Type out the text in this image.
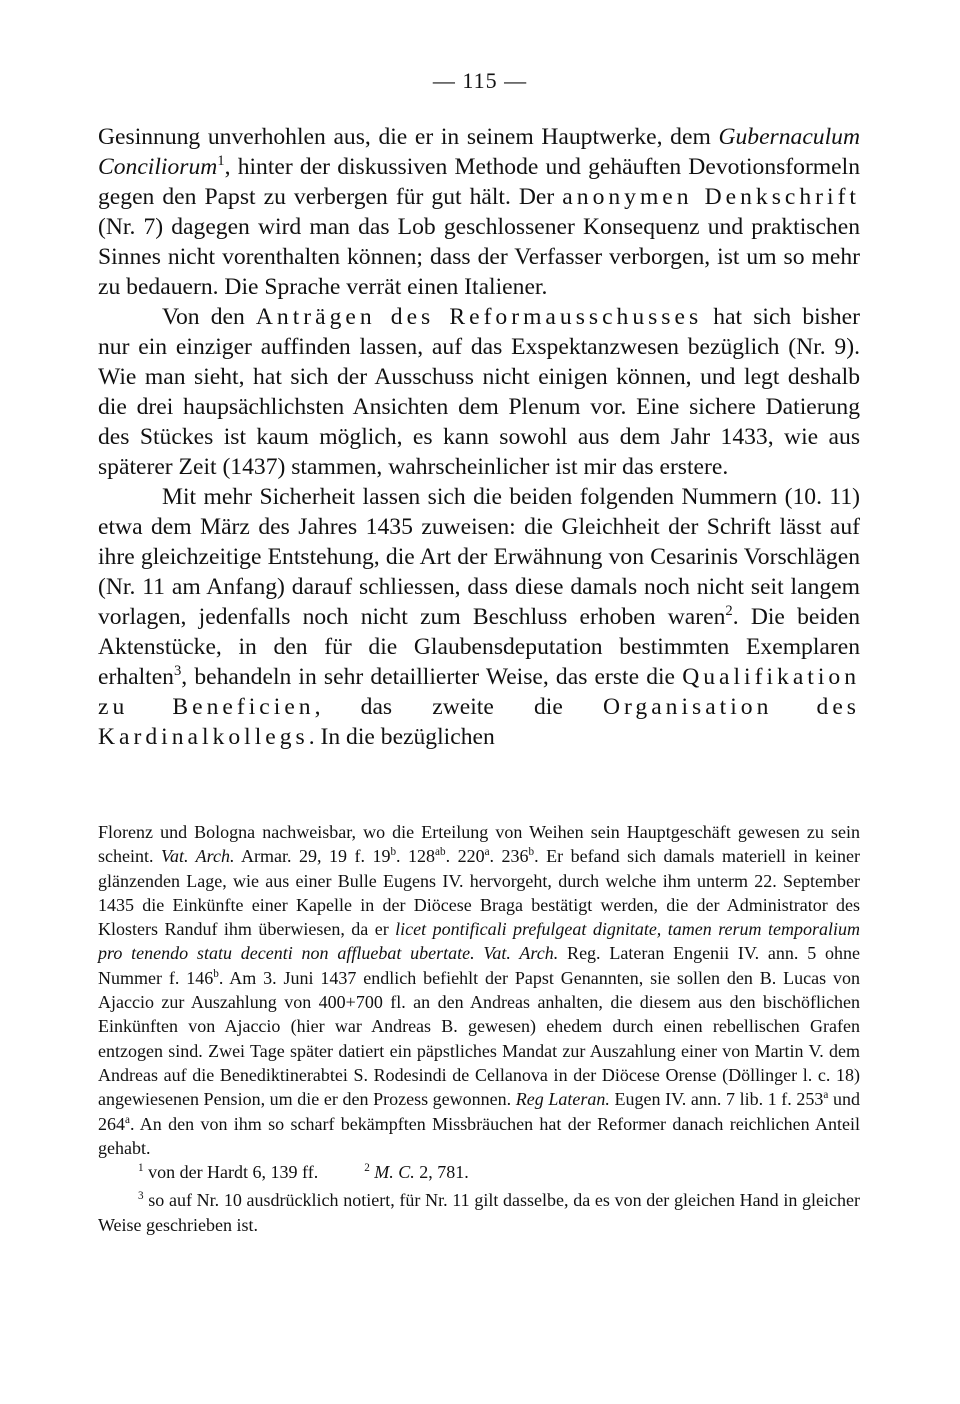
— 115 —

Gesinnung unverhohlen aus, die er in seinem Hauptwerke, dem Gubernaculum Conciliorum$^1$, hinter der diskussiven Methode und gehäuften Devotionsformeln gegen den Papst zu verbergen für gut hält. Der anonymen Denkschrift (Nr. 7) dagegen wird man das Lob geschlossener Konsequenz und praktischen Sinnes nicht vorenthalten können; dass der Verfasser verborgen, ist um so mehr zu bedauern. Die Sprache verrät einen Italiener.

Von den Anträgen des Reformausschusses hat sich bisher nur ein einziger auffinden lassen, auf das Exspektanzwesen bezüglich (Nr. 9). Wie man sieht, hat sich der Ausschuss nicht einigen können, und legt deshalb die drei haupsächlichsten Ansichten dem Plenum vor. Eine sichere Datierung des Stückes ist kaum möglich, es kann sowohl aus dem Jahr 1433, wie aus späterer Zeit (1437) stammen, wahrscheinlicher ist mir das erstere.

Mit mehr Sicherheit lassen sich die beiden folgenden Nummern (10. 11) etwa dem März des Jahres 1435 zuweisen: die Gleichheit der Schrift lässt auf ihre gleichzeitige Entstehung, die Art der Erwähnung von Cesarinis Vorschlägen (Nr. 11 am Anfang) darauf schliessen, dass diese damals noch nicht seit langem vorlagen, jedenfalls noch nicht zum Beschluss erhoben waren$^2$. Die beiden Aktenstücke, in den für die Glaubensdeputation bestimmten Exemplaren erhalten$^3$, behandeln in sehr detaillierter Weise, das erste die Qualifikation zu Beneficien, das zweite die Organisation des Kardinalkollegs. In die bezüglichen

Florenz und Bologna nachweisbar, wo die Erteilung von Weihen sein Hauptgeschäft gewesen zu sein scheint. Vat. Arch. Armar. 29, 19 f. 19$^b$. $128^{ab}$. 220$^a$. 236$^b$. Er befand sich damals materiell in keiner glänzenden Lage, wie aus einer Bulle Eugens IV. hervorgeht, durch welche ihm unterm 22. September 1435 die Einkünfte einer Kapelle in der Diöcese Braga bestätigt werden, die der Administrator des Klosters Randuf ihm überwiesen, da er licet pontificali prefulgeat dignitate, tamen rerum temporalium pro tenendo statu decenti non affluebat ubertate. Vat. Arch. Reg. Lateran Engenii IV. ann. 5 ohne Nummer f. 146$^b$. Am 3. Juni 1437 endlich befiehlt der Papst Genannten, sie sollen den B. Lucas von Ajaccio zur Auszahlung von 400+700 fl. an den Andreas anhalten, die diesem aus den bischöflichen Einkünften von Ajaccio (hier war Andreas B. gewesen) ehedem durch einen rebellischen Grafen entzogen sind. Zwei Tage später datiert ein päpstliches Mandat zur Auszahlung einer von Martin V. dem Andreas auf die Benediktinerabtei S. Rodesindi de Cellanova in der Diöcese Orense (Döllinger l. c. 18) angewiesenen Pension, um die er den Prozess gewonnen. Reg Lateran. Eugen IV. ann. 7 lib. 1 f. 253$^a$ und 264$^a$. An den von ihm so scharf bekämpften Missbräuchen hat der Reformer danach reichlichen Anteil gehabt.

$^1$ von der Hardt 6, 139 ff.	$^2$ M. C. 2, 781.

$^3$ so auf Nr. 10 ausdrücklich notiert, für Nr. 11 gilt dasselbe, da es von der gleichen Hand in gleicher Weise geschrieben ist.
